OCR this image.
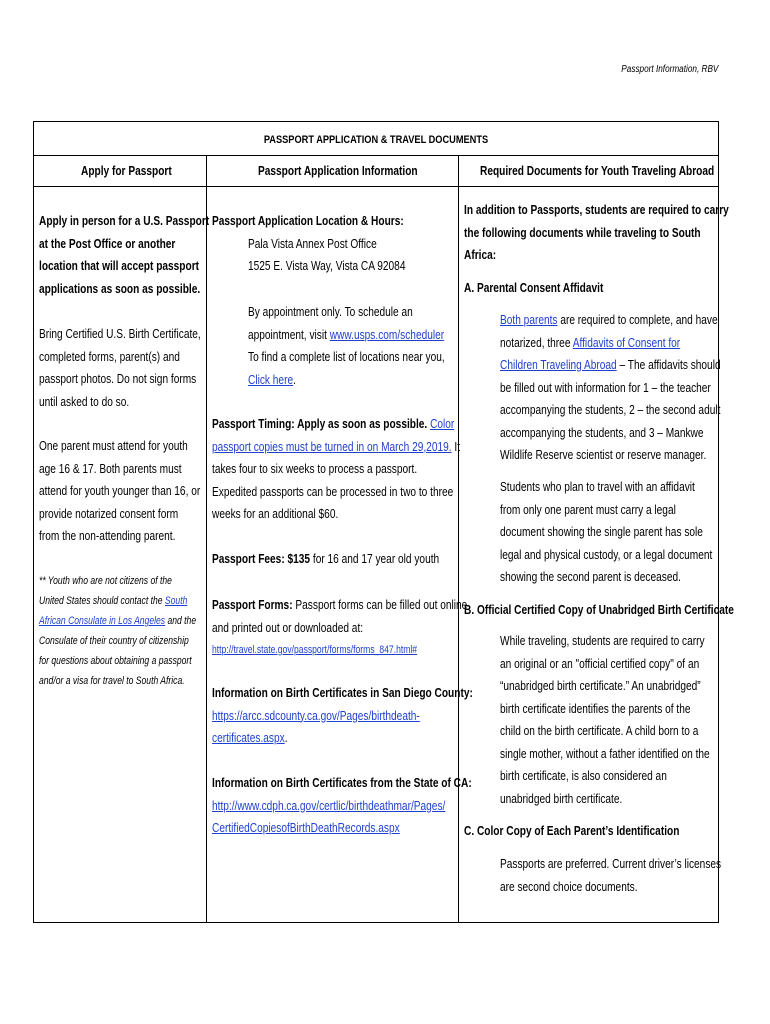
Passport Information, RBV
PASSPORT APPLICATION & TRAVEL DOCUMENTS
Apply for Passport	Passport Application Information	Required Documents for Youth Traveling Abroad
Apply in person for a U.S. Passport
at the Post Office or another
location that will accept passport
applications as soon as possible.
Bring Certified U.S. Birth Certificate,
completed forms, parent(s) and
passport photos. Do not sign forms
until asked to do so.
One parent must attend for youth
age 16 & 17. Both parents must
attend for youth younger than 16, or
provide notarized consent form
from the non-attending parent.
** Youth who are not citizens of the
United States should contact the South
African Consulate in Los Angeles and the
Consulate of their country of citizenship
for questions about obtaining a passport
and/or a visa for travel to South Africa.
Passport Application Location & Hours:
Pala Vista Annex Post Office
1525 E. Vista Way, Vista CA 92084
By appointment only. To schedule an
appointment, visit www.usps.com/scheduler
To find a complete list of locations near you,
Click here.
Passport Timing: Apply as soon as possible. Color
passport copies must be turned in on March 29,2019. It
takes four to six weeks to process a passport.
Expedited passports can be processed in two to three
weeks for an additional $60.
Passport Fees: $135 for 16 and 17 year old youth
Passport Forms: Passport forms can be filled out online
and printed out or downloaded at:
http://travel.state.gov/passport/forms/forms_847.html#
Information on Birth Certificates in San Diego County:
https://arcc.sdcounty.ca.gov/Pages/birthdeath-
certificates.aspx.
Information on Birth Certificates from the State of CA:
http://www.cdph.ca.gov/certlic/birthdeathmar/Pages/
CertifiedCopiesofBirthDeathRecords.aspx
In addition to Passports, students are required to carry
the following documents while traveling to South
Africa:
A. Parental Consent Affidavit
Both parents are required to complete, and have
notarized, three Affidavits of Consent for
Children Traveling Abroad – The affidavits should
be filled out with information for 1 – the teacher
accompanying the students, 2 – the second adult
accompanying the students, and 3 – Mankwe
Wildlife Reserve scientist or reserve manager.
Students who plan to travel with an affidavit
from only one parent must carry a legal
document showing the single parent has sole
legal and physical custody, or a legal document
showing the second parent is deceased.
B. Official Certified Copy of Unabridged Birth Certificate
While traveling, students are required to carry
an original or an "official certified copy" of an
“unabridged birth certificate.” An unabridged”
birth certificate identifies the parents of the
child on the birth certificate. A child born to a
single mother, without a father identified on the
birth certificate, is also considered an
unabridged birth certificate.
C. Color Copy of Each Parent’s Identification
Passports are preferred. Current driver’s licenses
are second choice documents.
